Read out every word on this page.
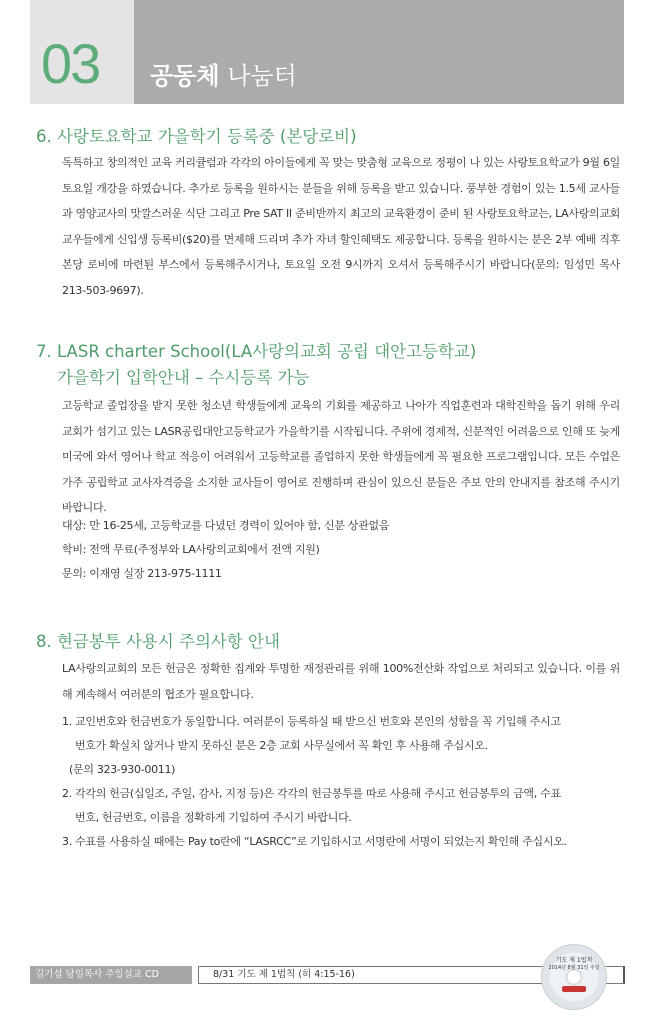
03 공동체 나눔터
6. 사랑토요학교 가을학기 등록중 (본당로비)
독특하고 창의적인 교육 커리큘럼과 각각의 아이들에게 꼭 맞는 맞춤형 교육으로 정평이 나 있는 사랑토요학교가 9월 6일 토요일 개강을 하였습니다. 추가로 등록을 원하시는 분들을 위해 등록을 받고 있습니다. 풍부한 경험이 있는 1.5세 교사들과 영양교사의 맛깔스러운 식단 그리고 Pre SAT II 준비반까지 최고의 교육환경이 준비 된 사랑토요학교는, LA사랑의교회 교우들에게 신입생 등록비($20)를 면제해 드리며 추가 자녀 할인혜택도 제공합니다. 등록을 원하시는 분은 2부 예배 직후 본당 로비에 마련된 부스에서 등록해주시거나, 토요일 오전 9시까지 오셔서 등록해주시기 바랍니다(문의: 임성민 목사 213-503-9697).
7. LASR charter School(LA사랑의교회 공립 대안고등학교)
가을학기 입학안내 – 수시등록 가능
고등학교 졸업장을 받지 못한 청소년 학생들에게 교육의 기회를 제공하고 나아가 직업훈련과 대학진학을 돕기 위해 우리 교회가 섬기고 있는 LASR공립대안고등학교가 가을학기를 시작됩니다. 주위에 경제적, 신분적인 어려움으로 인해 또 늦게 미국에 와서 영어나 학교 적응이 어려워서 고등학교를 졸업하지 못한 학생들에게 꼭 필요한 프로그램입니다. 모든 수업은 가주 공립학교 교사자격증을 소지한 교사들이 영어로 진행하며 관심이 있으신 분들은 주보 안의 안내지를 참조해 주시기 바랍니다.
대상: 만 16-25세, 고등학교를 다녔던 경력이 있어야 함, 신분 상관없음
학비: 전액 무료(주정부와 LA사랑의교회에서 전액 지원)
문의: 이재영 실장 213-975-1111
8. 현금봉투 사용시 주의사항 안내
LA사랑의교회의 모든 헌금은 정확한 집계와 투명한 재정관리를 위해 100%전산화 작업으로 처리되고 있습니다. 이를 위해 계속해서 여러분의 협조가 필요합니다.
1. 교인번호와 헌금번호가 동일합니다. 여러분이 등록하실 때 받으신 번호와 본인의 성함을 꼭 기입해 주시고
번호가 확실치 않거나 받지 못하신 분은 2층 교회 사무실에서 꼭 확인 후 사용해 주십시오.
(문의 323-930-0011)
2. 각각의 헌금(십일조, 주일, 감사, 지정 등)은 각각의 헌금봉투를 따로 사용해 주시고 헌금봉투의 금액, 수표
번호, 헌금번호, 이름을 정확하게 기입하여 주시기 바랍니다.
3. 수표를 사용하실 때에는 Pay to란에 “LASRCC”로 기입하시고 서명란에 서명이 되었는지 확인해 주십시오.
김기섭 담임목사 주일설교 CD	8/31 기도 제 1법칙 (히 4:15-16)
기도 제 1법칙
2014년 8월 31일 주일
